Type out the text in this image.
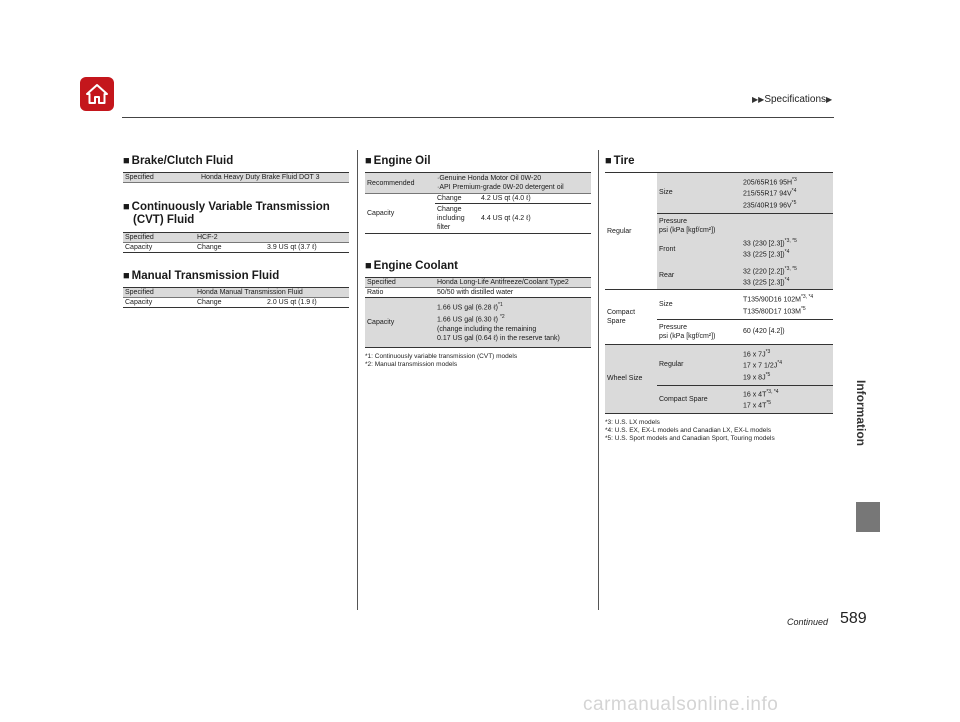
▶▶Specifications▶
Information
■ Brake/Clutch Fluid
Specified	Honda Heavy Duty Brake Fluid DOT 3
■ Continuously Variable Transmission
(CVT) Fluid
Specified	HCF-2	
Capacity	Change	3.9 US qt (3.7 ℓ)
■ Manual Transmission Fluid
Specified	Honda Manual Transmission Fluid	
Capacity	Change	2.0 US qt (1.9 ℓ)
■ Engine Oil
Recommended	·Genuine Honda Motor Oil 0W-20
·API Premium-grade 0W-20 detergent oil	
Capacity	Change	4.2 US qt (4.0 ℓ)
	Change
including
filter	4.4 US qt (4.2 ℓ)
■ Engine Coolant
Specified	Honda Long-Life Antifreeze/Coolant Type2
Ratio	50/50 with distilled water
Capacity	1.66 US gal (6.28 ℓ)$^{*1}$
1.66 US gal (6.30 ℓ) $^{*2}$
(change including the remaining
0.17 US gal (0.64 ℓ) in the reserve tank)
*1: Continuously variable transmission (CVT) models
*2: Manual transmission models
■ Tire
Regular	Size	205/65R16 $95H^{*3}$
215/55R17 $94V^{*4}$
235/40R19 $96V^{*5}$
	Pressure
psi (kPa [kgf/cm²])	
	Front	33 (230 [2.3])$^{*3, *5}$
33 (225 [2.3])$^{*4}$
	Rear	32 (220 [2.2])$^{*3, *5}$
33 (225 [2.3])$^{*4}$
Compact
Spare	Size	T135/90D16 $102M^{*3, *4}$
T135/80D17 $103M^{*5}$
	Pressure
psi (kPa [kgf/cm²])	60 (420 [4.2])
Wheel Size	Regular	16 x $7J^{*3}$
17 x 7 $1/2J^{*4}$
19 x $8J^{*5}$
	Compact Spare	16 x $4T^{*3, *4}$
17 x $4T^{*5}$
*3: U.S. LX models
*4: U.S. EX, EX-L models and Canadian LX, EX-L models
*5: U.S. Sport models and Canadian Sport, Touring models
Continued 589
carmanualsonline.info
